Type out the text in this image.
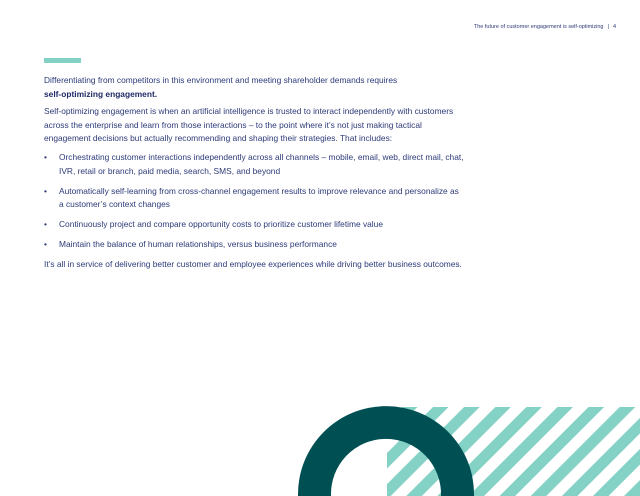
The future of customer engagement is self-optimizing | 4
Differentiating from competitors in this environment and meeting shareholder demands requires
self-optimizing engagement.
Self-optimizing engagement is when an artificial intelligence is trusted to interact independently with customers across the enterprise and learn from those interactions – to the point where it’s not just making tactical engagement decisions but actually recommending and shaping their strategies. That includes:
• Orchestrating customer interactions independently across all channels – mobile, email, web, direct mail, chat, IVR, retail or branch, paid media, search, SMS, and beyond
• Automatically self-learning from cross-channel engagement results to improve relevance and personalize as a customer’s context changes
• Continuously project and compare opportunity costs to prioritize customer lifetime value
• Maintain the balance of human relationships, versus business performance
It’s all in service of delivering better customer and employee experiences while driving better business outcomes.
